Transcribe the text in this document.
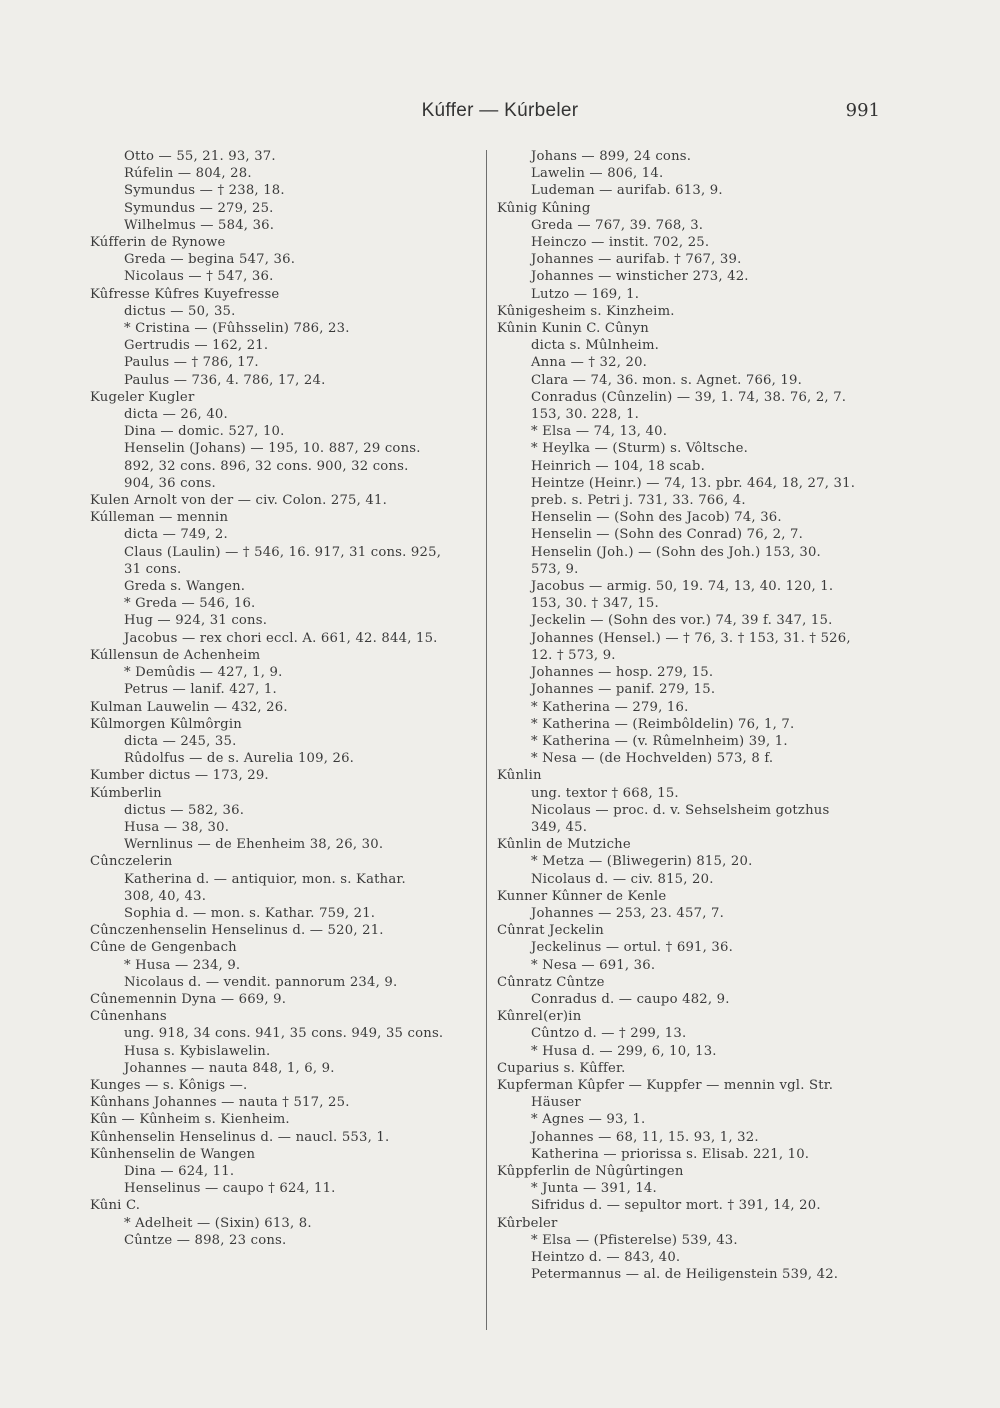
Kúffer — Kúrbeler	991
Otto — 55, 21. 93, 37.
Rúfelin — 804, 28.
Symundus — † 238, 18.
Symundus — 279, 25.
Wilhelmus — 584, 36.
Kúfferin de Rynowe
Greda — begina 547, 36.
Nicolaus — † 547, 36.
Kûfresse Kûfres Kuyefresse
dictus — 50, 35.
* Cristina — (Fûhsselin) 786, 23.
Gertrudis — 162, 21.
Paulus — † 786, 17.
Paulus — 736, 4. 786, 17, 24.
Kugeler Kugler
dicta — 26, 40.
Dina — domic. 527, 10.
Henselin (Johans) — 195, 10. 887, 29 cons.
892, 32 cons. 896, 32 cons. 900, 32 cons.
904, 36 cons.
Kulen Arnolt von der — civ. Colon. 275, 41.
Kúlleman — mennin
dicta — 749, 2.
Claus (Laulin) — † 546, 16. 917, 31 cons. 925,
31 cons.
Greda s. Wangen.
* Greda — 546, 16.
Hug — 924, 31 cons.
Jacobus — rex chori eccl. A. 661, 42. 844, 15.
Kúllensun de Achenheim
* Demûdis — 427, 1, 9.
Petrus — lanif. 427, 1.
Kulman Lauwelin — 432, 26.
Kûlmorgen Kûlmôrgin
dicta — 245, 35.
Rûdolfus — de s. Aurelia 109, 26.
Kumber dictus — 173, 29.
Kúmberlin
dictus — 582, 36.
Husa — 38, 30.
Wernlinus — de Ehenheim 38, 26, 30.
Cûnczelerin
Katherina d. — antiquior, mon. s. Kathar.
308, 40, 43.
Sophia d. — mon. s. Kathar. 759, 21.
Cûnczenhenselin Henselinus d. — 520, 21.
Cûne de Gengenbach
* Husa — 234, 9.
Nicolaus d. — vendit. pannorum 234, 9.
Cûnemennin Dyna — 669, 9.
Cûnenhans
ung. 918, 34 cons. 941, 35 cons. 949, 35 cons.
Husa s. Kybislawelin.
Johannes — nauta 848, 1, 6, 9.
Kunges — s. Kônigs —.
Kûnhans Johannes — nauta † 517, 25.
Kûn — Kûnheim s. Kienheim.
Kûnhenselin Henselinus d. — naucl. 553, 1.
Kûnhenselin de Wangen
Dina — 624, 11.
Henselinus — caupo † 624, 11.
Kûni C.
* Adelheit — (Sixin) 613, 8.
Cûntze — 898, 23 cons.
Johans — 899, 24 cons.
Lawelin — 806, 14.
Ludeman — aurifab. 613, 9.
Kûnig Kûning
Greda — 767, 39. 768, 3.
Heinczo — instit. 702, 25.
Johannes — aurifab. † 767, 39.
Johannes — winsticher 273, 42.
Lutzo — 169, 1.
Kûnigesheim s. Kinzheim.
Kûnin Kunin C. Cûnyn
dicta s. Mûlnheim.
Anna — † 32, 20.
Clara — 74, 36. mon. s. Agnet. 766, 19.
Conradus (Cûnzelin) — 39, 1. 74, 38. 76, 2, 7.
153, 30. 228, 1.
* Elsa — 74, 13, 40.
* Heylka — (Sturm) s. Vôltsche.
Heinrich — 104, 18 scab.
Heintze (Heinr.) — 74, 13. pbr. 464, 18, 27, 31.
preb. s. Petri j. 731, 33. 766, 4.
Henselin — (Sohn des Jacob) 74, 36.
Henselin — (Sohn des Conrad) 76, 2, 7.
Henselin (Joh.) — (Sohn des Joh.) 153, 30.
573, 9.
Jacobus — armig. 50, 19. 74, 13, 40. 120, 1.
153, 30. † 347, 15.
Jeckelin — (Sohn des vor.) 74, 39 f. 347, 15.
Johannes (Hensel.) — † 76, 3. † 153, 31. † 526,
12. † 573, 9.
Johannes — hosp. 279, 15.
Johannes — panif. 279, 15.
* Katherina — 279, 16.
* Katherina — (Reimbôldelin) 76, 1, 7.
* Katherina — (v. Rûmelnheim) 39, 1.
* Nesa — (de Hochvelden) 573, 8 f.
Kûnlin
ung. textor † 668, 15.
Nicolaus — proc. d. v. Sehselsheim gotzhus
349, 45.
Kûnlin de Mutziche
* Metza — (Bliwegerin) 815, 20.
Nicolaus d. — civ. 815, 20.
Kunner Kûnner de Kenle
Johannes — 253, 23. 457, 7.
Cûnrat Jeckelin
Jeckelinus — ortul. † 691, 36.
* Nesa — 691, 36.
Cûnratz Cûntze
Conradus d. — caupo 482, 9.
Kûnrel(er)in
Cûntzo d. — † 299, 13.
* Husa d. — 299, 6, 10, 13.
Cuparius s. Kûffer.
Kupferman Kûpfer — Kuppfer — mennin vgl. Str.
Häuser
* Agnes — 93, 1.
Johannes — 68, 11, 15. 93, 1, 32.
Katherina — priorissa s. Elisab. 221, 10.
Kûppferlin de Nûgûrtingen
* Junta — 391, 14.
Sifridus d. — sepultor mort. † 391, 14, 20.
Kûrbeler
* Elsa — (Pfisterelse) 539, 43.
Heintzo d. — 843, 40.
Petermannus — al. de Heiligenstein 539, 42.
